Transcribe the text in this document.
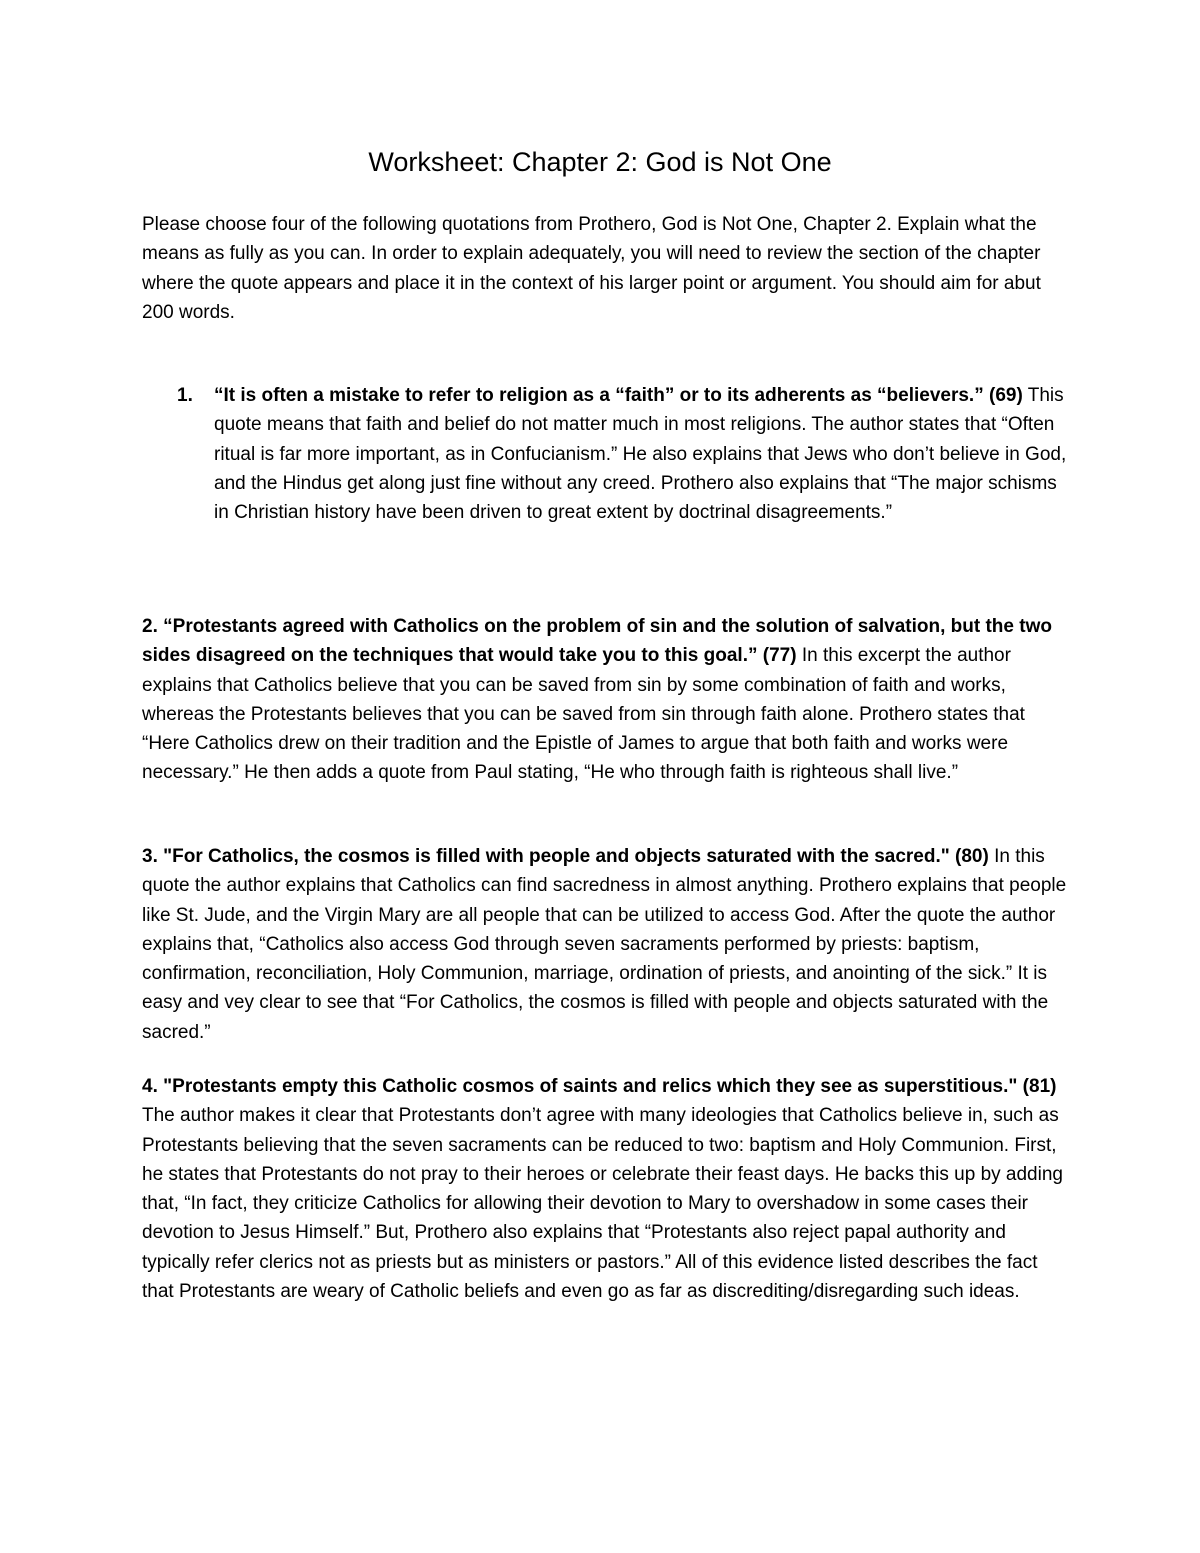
Worksheet: Chapter 2: God is Not One

Please choose four of the following quotations from Prothero, God is Not One, Chapter 2. Explain what the means as fully as you can. In order to explain adequately, you will need to review the section of the chapter where the quote appears and place it in the context of his larger point or argument. You should aim for abut 200 words.

1. “It is often a mistake to refer to religion as a “faith” or to its adherents as “believers.” (69) This quote means that faith and belief do not matter much in most religions. The author states that “Often ritual is far more important, as in Confucianism.” He also explains that Jews who don’t believe in God, and the Hindus get along just fine without any creed. Prothero also explains that “The major schisms in Christian history have been driven to great extent by doctrinal disagreements.”

2. “Protestants agreed with Catholics on the problem of sin and the solution of salvation, but the two sides disagreed on the techniques that would take you to this goal.” (77) In this excerpt the author explains that Catholics believe that you can be saved from sin by some combination of faith and works, whereas the Protestants believes that you can be saved from sin through faith alone. Prothero states that “Here Catholics drew on their tradition and the Epistle of James to argue that both faith and works were necessary.” He then adds a quote from Paul stating, “He who through faith is righteous shall live.”

3. "For Catholics, the cosmos is filled with people and objects saturated with the sacred." (80) In this quote the author explains that Catholics can find sacredness in almost anything. Prothero explains that people like St. Jude, and the Virgin Mary are all people that can be utilized to access God. After the quote the author explains that, “Catholics also access God through seven sacraments performed by priests: baptism, confirmation, reconciliation, Holy Communion, marriage, ordination of priests, and anointing of the sick.” It is easy and vey clear to see that “For Catholics, the cosmos is filled with people and objects saturated with the sacred.”

4. "Protestants empty this Catholic cosmos of saints and relics which they see as superstitious." (81) The author makes it clear that Protestants don’t agree with many ideologies that Catholics believe in, such as Protestants believing that the seven sacraments can be reduced to two: baptism and Holy Communion. First, he states that Protestants do not pray to their heroes or celebrate their feast days. He backs this up by adding that, “In fact, they criticize Catholics for allowing their devotion to Mary to overshadow in some cases their devotion to Jesus Himself.” But, Prothero also explains that “Protestants also reject papal authority and typically refer clerics not as priests but as ministers or pastors.” All of this evidence listed describes the fact that Protestants are weary of Catholic beliefs and even go as far as discrediting/disregarding such ideas.
